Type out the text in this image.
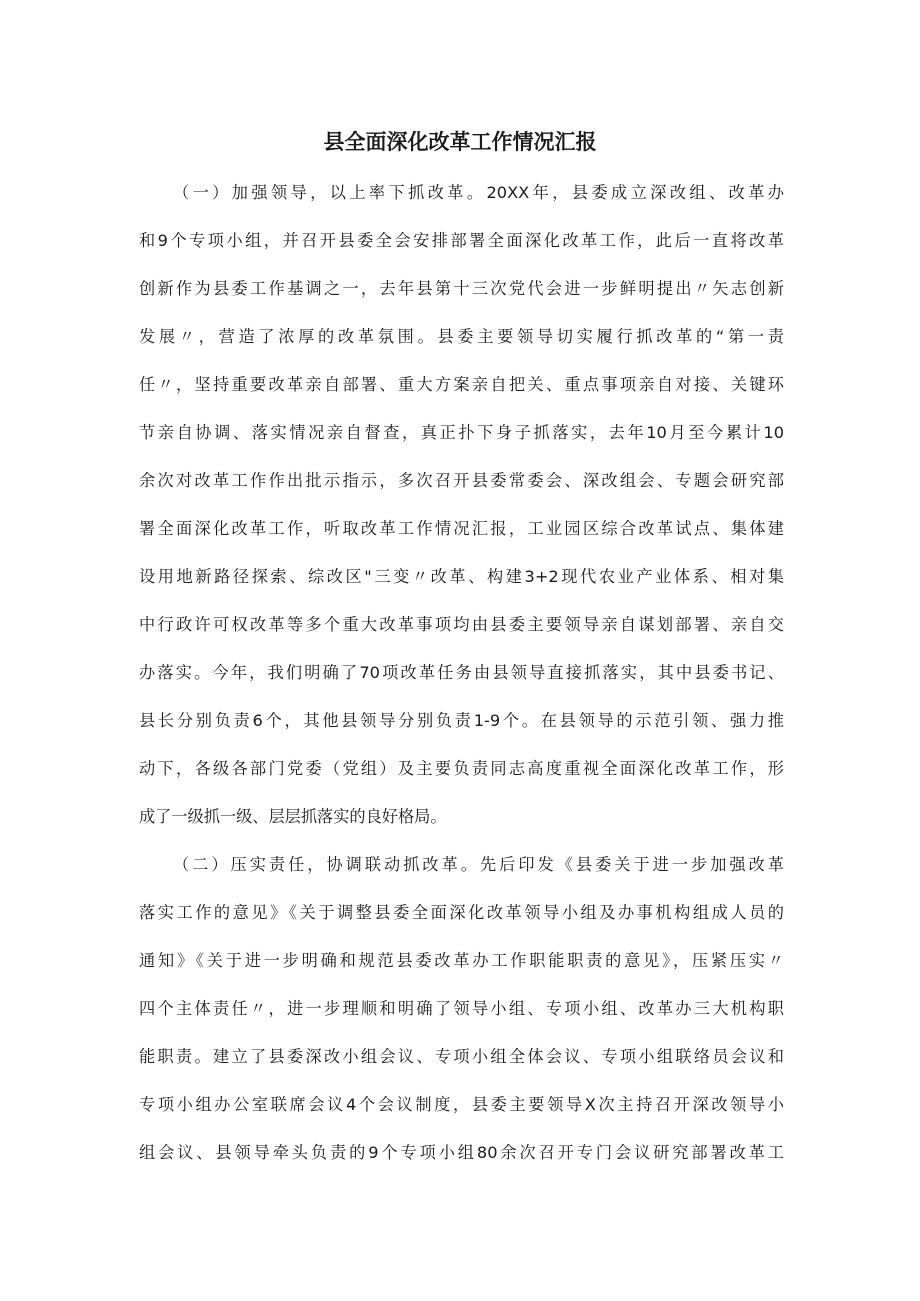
县全面深化改革工作情况汇报
（一）加强领导，以上率下抓改革。20XX年，县委成立深改组、改革办
和9个专项小组，并召开县委全会安排部署全面深化改革工作，此后一直将改革
创新作为县委工作基调之一，去年县第十三次党代会进一步鲜明提出〃矢志创新
发展〃，营造了浓厚的改革氛围。县委主要领导切实履行抓改革的“第一责
任〃，坚持重要改革亲自部署、重大方案亲自把关、重点事项亲自对接、关键环
节亲自协调、落实情况亲自督查，真正扑下身子抓落实，去年10月至今累计10
余次对改革工作作出批示指示，多次召开县委常委会、深改组会、专题会研究部
署全面深化改革工作，听取改革工作情况汇报，工业园区综合改革试点、集体建
设用地新路径探索、综改区"三变〃改革、构建3+2现代农业产业体系、相对集
中行政许可权改革等多个重大改革事项均由县委主要领导亲自谋划部署、亲自交
办落实。今年，我们明确了70项改革任务由县领导直接抓落实，其中县委书记、
县长分别负责6个，其他县领导分别负责1-9个。在县领导的示范引领、强力推
动下，各级各部门党委（党组）及主要负责同志高度重视全面深化改革工作，形
成了一级抓一级、层层抓落实的良好格局。
（二）压实责任，协调联动抓改革。先后印发《县委关于进一步加强改革
落实工作的意见》《关于调整县委全面深化改革领导小组及办事机构组成人员的
通知》《关于进一步明确和规范县委改革办工作职能职责的意见》，压紧压实〃
四个主体责任〃，进一步理顺和明确了领导小组、专项小组、改革办三大机构职
能职责。建立了县委深改小组会议、专项小组全体会议、专项小组联络员会议和
专项小组办公室联席会议4个会议制度，县委主要领导X次主持召开深改领导小
组会议、县领导牵头负责的9个专项小组80余次召开专门会议研究部署改革工
